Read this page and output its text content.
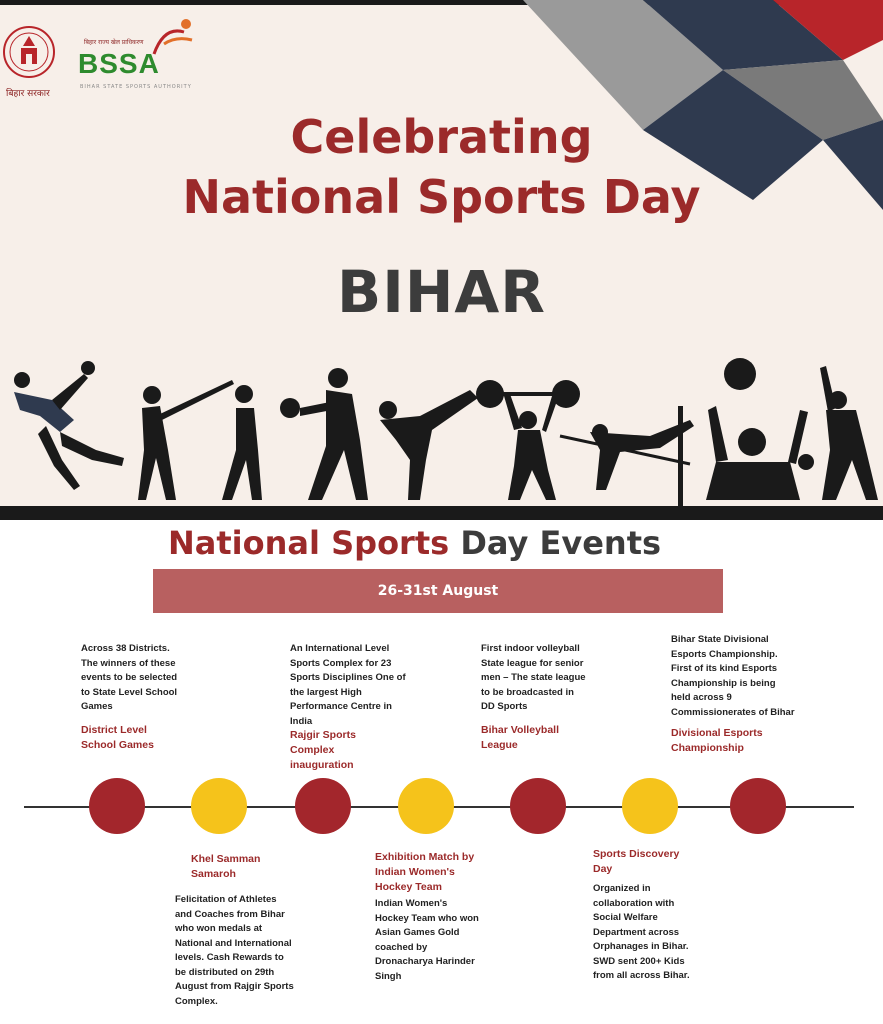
बिहार सरकार
बिहार राज्य खेल प्राधिकरण
BSSA
BIHAR STATE SPORTS AUTHORITY
Celebrating
National Sports Day
BIHAR
National Sports Day Events
26-31st August
Across 38 Districts.
The winners of these
events to be selected
to State Level School
Games
District Level
School Games
An International Level
Sports Complex for 23
Sports Disciplines One of
the largest High
Performance Centre in
India
Rajgir Sports
Complex
inauguration
First indoor volleyball
State league for senior
men – The state league
to be broadcasted in
DD Sports
Bihar Volleyball
League
Bihar State Divisional
Esports Championship.
First of its kind Esports
Championship is being
held across 9
Commissionerates of Bihar
Divisional Esports
Championship
Khel Samman
Samaroh
Felicitation of Athletes
and Coaches from Bihar
who won medals at
National and International
levels. Cash Rewards to
be distributed on 29th
August from Rajgir Sports
Complex.
Exhibition Match by
Indian Women's
Hockey Team
Indian Women's
Hockey Team who won
Asian Games Gold
coached by
Dronacharya Harinder
Singh
Sports Discovery
Day
Organized in
collaboration with
Social Welfare
Department across
Orphanages in Bihar.
SWD sent 200+ Kids
from all across Bihar.
